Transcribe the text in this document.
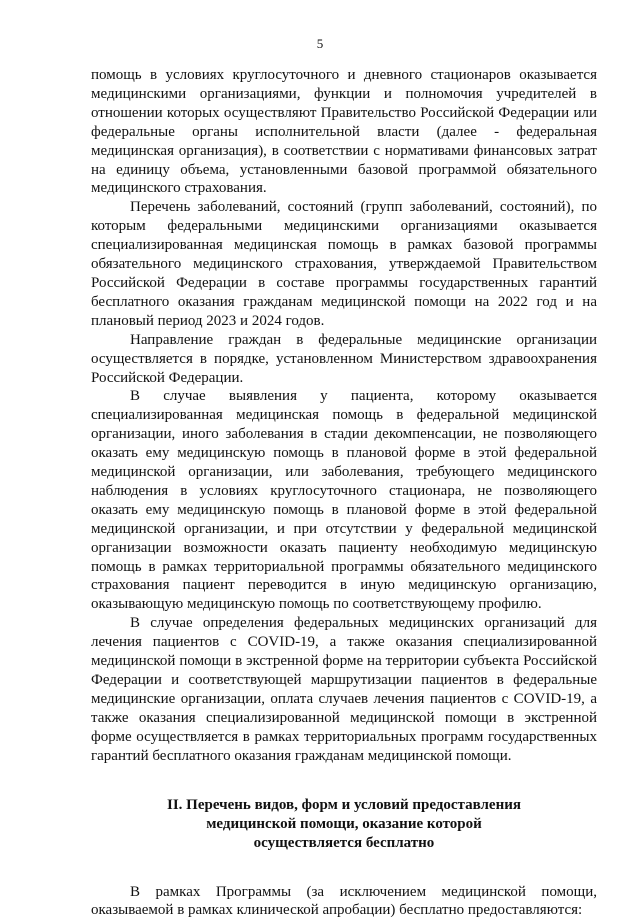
5

помощь в условиях круглосуточного и дневного стационаров оказывается медицинскими организациями, функции и полномочия учредителей в отношении которых осуществляют Правительство Российской Федерации или федеральные органы исполнительной власти (далее - федеральная медицинская организация), в соответствии с нормативами финансовых затрат на единицу объема, установленными базовой программой обязательного медицинского страхования.

Перечень заболеваний, состояний (групп заболеваний, состояний), по которым федеральными медицинскими организациями оказывается специализированная медицинская помощь в рамках базовой программы обязательного медицинского страхования, утверждаемой Правительством Российской Федерации в составе программы государственных гарантий бесплатного оказания гражданам медицинской помощи на 2022 год и на плановый период 2023 и 2024 годов.

Направление граждан в федеральные медицинские организации осуществляется в порядке, установленном Министерством здравоохранения Российской Федерации.

В случае выявления у пациента, которому оказывается специализированная медицинская помощь в федеральной медицинской организации, иного заболевания в стадии декомпенсации, не позволяющего оказать ему медицинскую помощь в плановой форме в этой федеральной медицинской организации, или заболевания, требующего медицинского наблюдения в условиях круглосуточного стационара, не позволяющего оказать ему медицинскую помощь в плановой форме в этой федеральной медицинской организации, и при отсутствии у федеральной медицинской организации возможности оказать пациенту необходимую медицинскую помощь в рамках территориальной программы обязательного медицинского страхования пациент переводится в иную медицинскую организацию, оказывающую медицинскую помощь по соответствующему профилю.

В случае определения федеральных медицинских организаций для лечения пациентов с COVID-19, а также оказания специализированной медицинской помощи в экстренной форме на территории субъекта Российской Федерации и соответствующей маршрутизации пациентов в федеральные медицинские организации, оплата случаев лечения пациентов с COVID-19, а также оказания специализированной медицинской помощи в экстренной форме осуществляется в рамках территориальных программ государственных гарантий бесплатного оказания гражданам медицинской помощи.

II. Перечень видов, форм и условий предоставления
медицинской помощи, оказание которой
осуществляется бесплатно

В рамках Программы (за исключением медицинской помощи, оказываемой в рамках клинической апробации) бесплатно предоставляются:
